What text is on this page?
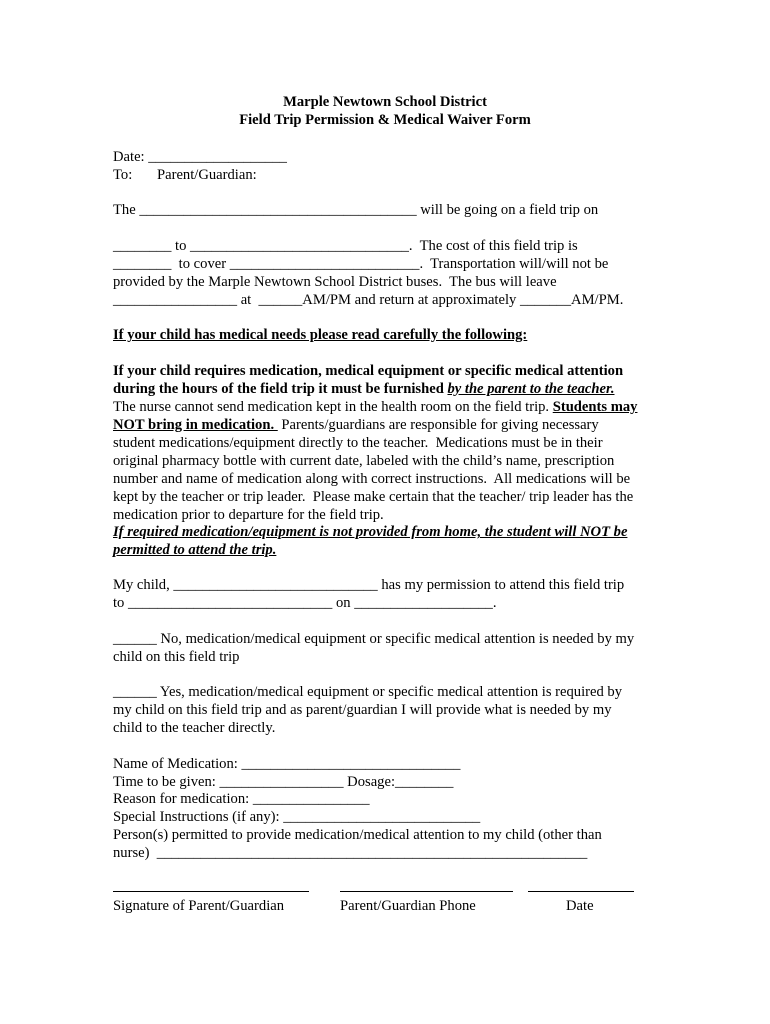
Marple Newtown School District
Field Trip Permission & Medical Waiver Form
Date: ___________________
To: Parent/Guardian:
The ______________________________________ will be going on a field trip on
________ to ______________________________.  The cost of this field trip is
________  to cover __________________________.  Transportation will/will not be
provided by the Marple Newtown School District buses.  The bus will leave
_________________ at  ______AM/PM and return at approximately _______AM/PM.
If your child has medical needs please read carefully the following:
If your child requires medication, medical equipment or specific medical attention
during the hours of the field trip it must be furnished by the parent to the teacher.
The nurse cannot send medication kept in the health room on the field trip. Students may
NOT bring in medication.  Parents/guardians are responsible for giving necessary
student medications/equipment directly to the teacher.  Medications must be in their
original pharmacy bottle with current date, labeled with the child’s name, prescription
number and name of medication along with correct instructions.  All medications will be
kept by the teacher or trip leader.  Please make certain that the teacher/ trip leader has the
medication prior to departure for the field trip.
If required medication/equipment is not provided from home, the student will NOT be
permitted to attend the trip.
My child, ____________________________ has my permission to attend this field trip
to ____________________________ on ___________________.
______ No, medication/medical equipment or specific medical attention is needed by my
child on this field trip
______ Yes, medication/medical equipment or specific medical attention is required by
my child on this field trip and as parent/guardian I will provide what is needed by my
child to the teacher directly.
Name of Medication: ______________________________
Time to be given: _________________ Dosage:________
Reason for medication: ________________
Special Instructions (if any): ___________________________
Person(s) permitted to provide medication/medical attention to my child (other than
nurse)  ___________________________________________________________
Signature of Parent/Guardian	Parent/Guardian Phone	Date
